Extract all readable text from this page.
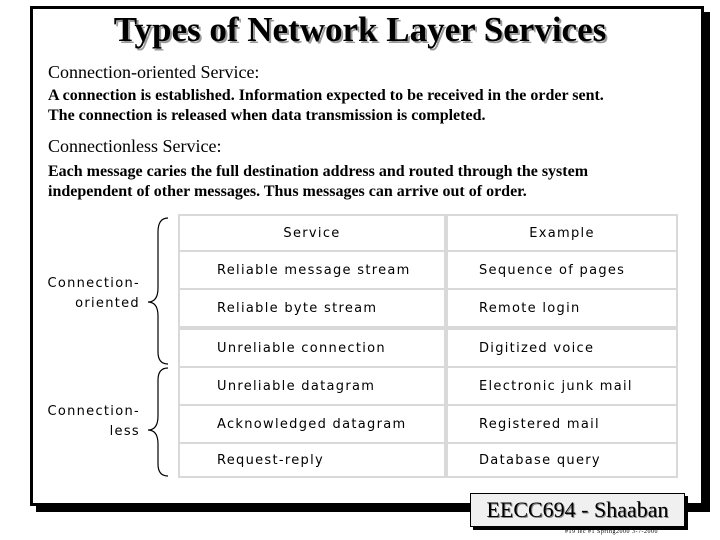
Types of Network Layer Services
Connection-oriented Service:
A connection is established. Information expected to be received in the order sent.
The connection is released when data transmission is completed.
Connectionless Service:
Each message caries the full destination address and routed through the system
independent of other messages. Thus messages can arrive out of order.
Connection-
oriented
Connection-
less
Service	Example
Reliable message stream	Sequence of pages
Reliable byte stream	Remote login
Unreliable connection	Digitized voice
Unreliable datagram	Electronic junk mail
Acknowledged datagram	Registered mail
Request-reply	Database query
EECC694 - Shaaban
#19 lec #1 Spring2000 3-7-2000
